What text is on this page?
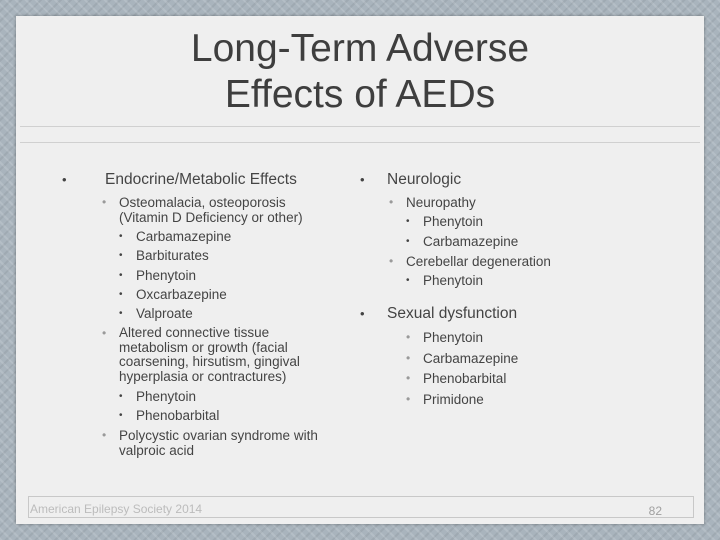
Long-Term Adverse
Effects of AEDs
• Endocrine/Metabolic Effects
• Osteomalacia, osteoporosis
(Vitamin D Deficiency or other)
• Carbamazepine
• Barbiturates
• Phenytoin
• Oxcarbazepine
• Valproate
• Altered connective tissue
metabolism or growth (facial
coarsening, hirsutism, gingival
hyperplasia or contractures)
• Phenytoin
• Phenobarbital
• Polycystic ovarian syndrome with
valproic acid
• Neurologic
• Neuropathy
• Phenytoin
• Carbamazepine
• Cerebellar degeneration
• Phenytoin
• Sexual dysfunction
• Phenytoin
• Carbamazepine
• Phenobarbital
• Primidone
American Epilepsy Society 2014	82
